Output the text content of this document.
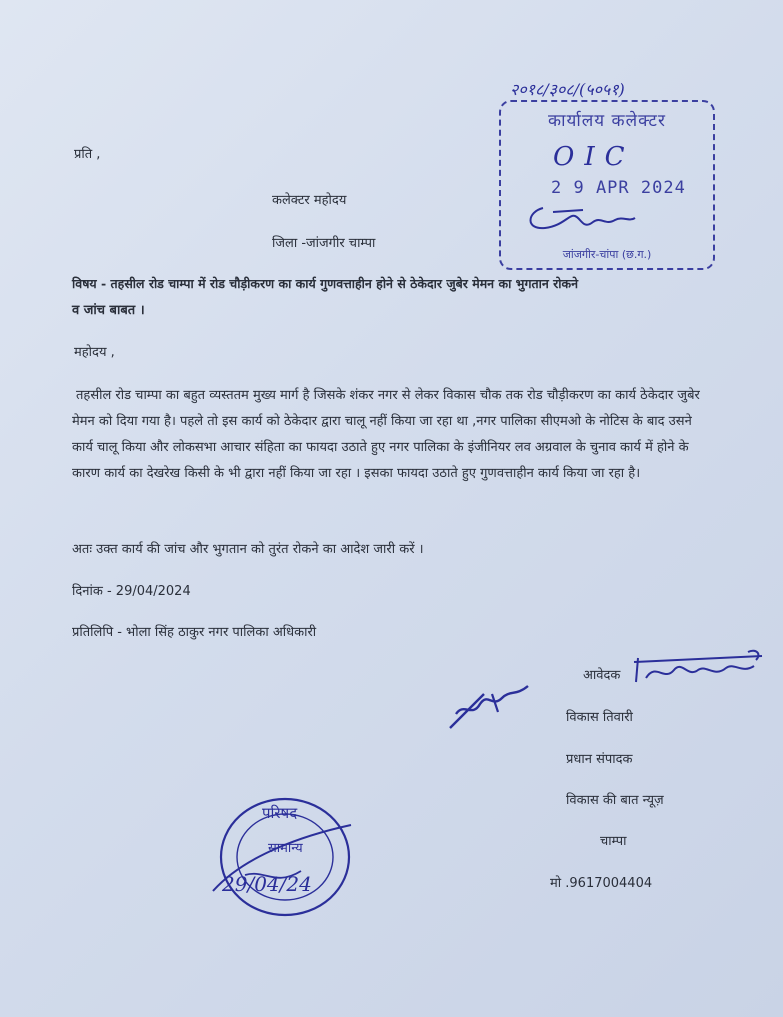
२०१८/३०८/(५०५१)
कार्यालय कलेक्टर
OIC
2 9 APR 2024
जांजगीर-चांपा (छ.ग.)
प्रति ,
कलेक्टर महोदय
जिला -जांजगीर चाम्पा
विषय - तहसील रोड चाम्पा में रोड चौड़ीकरण का कार्य गुणवत्ताहीन होने से ठेकेदार जुबेर मेमन का भुगतान रोकने
व जांच बाबत ।
महोदय ,
तहसील रोड चाम्पा का बहुत व्यस्ततम मुख्य मार्ग है जिसके शंकर नगर से लेकर विकास चौक तक रोड चौड़ीकरण का कार्य ठेकेदार जुबेर मेमन को दिया गया है। पहले तो इस कार्य को ठेकेदार द्वारा चालू नहीं किया जा रहा था ,नगर पालिका सीएमओ के नोटिस के बाद उसने कार्य चालू किया और लोकसभा आचार संहिता का फायदा उठाते हुए नगर पालिका के इंजीनियर लव अग्रवाल के चुनाव कार्य में होने के कारण कार्य का देखरेख किसी के भी द्वारा नहीं किया जा रहा । इसका फायदा उठाते हुए गुणवत्ताहीन कार्य किया जा रहा है।
अतः उक्त कार्य की जांच और भुगतान को तुरंत रोकने का आदेश जारी करें ।
दिनांक - 29/04/2024
प्रतिलिपि - भोला सिंह ठाकुर नगर पालिका अधिकारी
आवेदक
विकास तिवारी
प्रधान संपादक
विकास की बात न्यूज़
चाम्पा
मो .9617004404
परिषद
सामान्य
29/04/24
